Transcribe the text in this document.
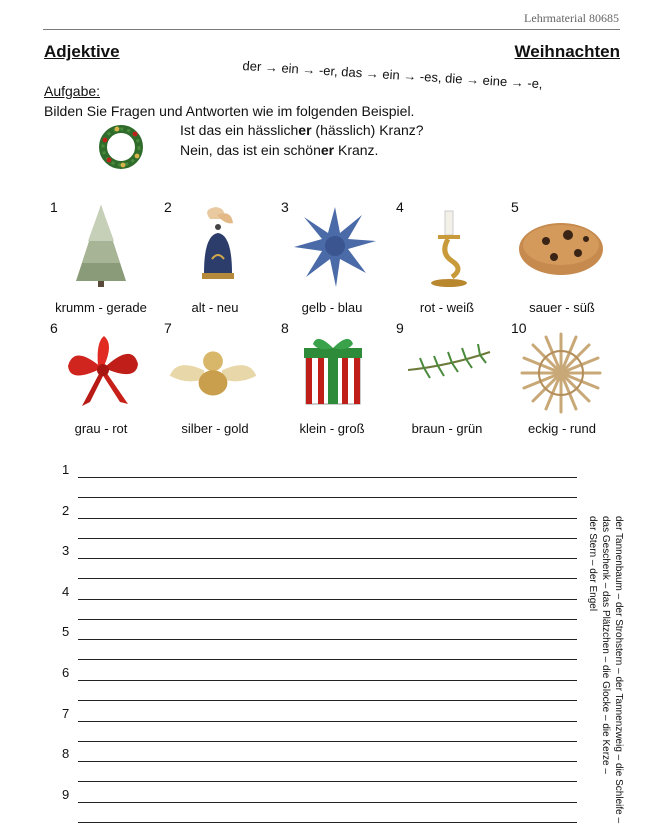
Lehrmaterial 80685
Adjektive	Weihnachten
der → ein → -er, das → ein → -es, die → eine → -e,
Aufgabe:
Bilden Sie Fragen und Antworten wie im folgenden Beispiel.
Ist das ein hässlicher (hässlich) Kranz?
Nein, das ist ein schöner Kranz.
1
krumm - gerade
2
alt - neu
3
gelb - blau
4
rot - weiß
5
sauer - süß
6
grau - rot
7
silber - gold
8
klein - groß
9
braun - grün
10
eckig - rund
1
2
3
4
5
6
7
8
9	der Tannenbaum – der Strohstern – der Tannenzweig – die Schleife –
das Geschenk – das Plätzchen – die Glocke – die Kerze –
der Stern – der Engel
